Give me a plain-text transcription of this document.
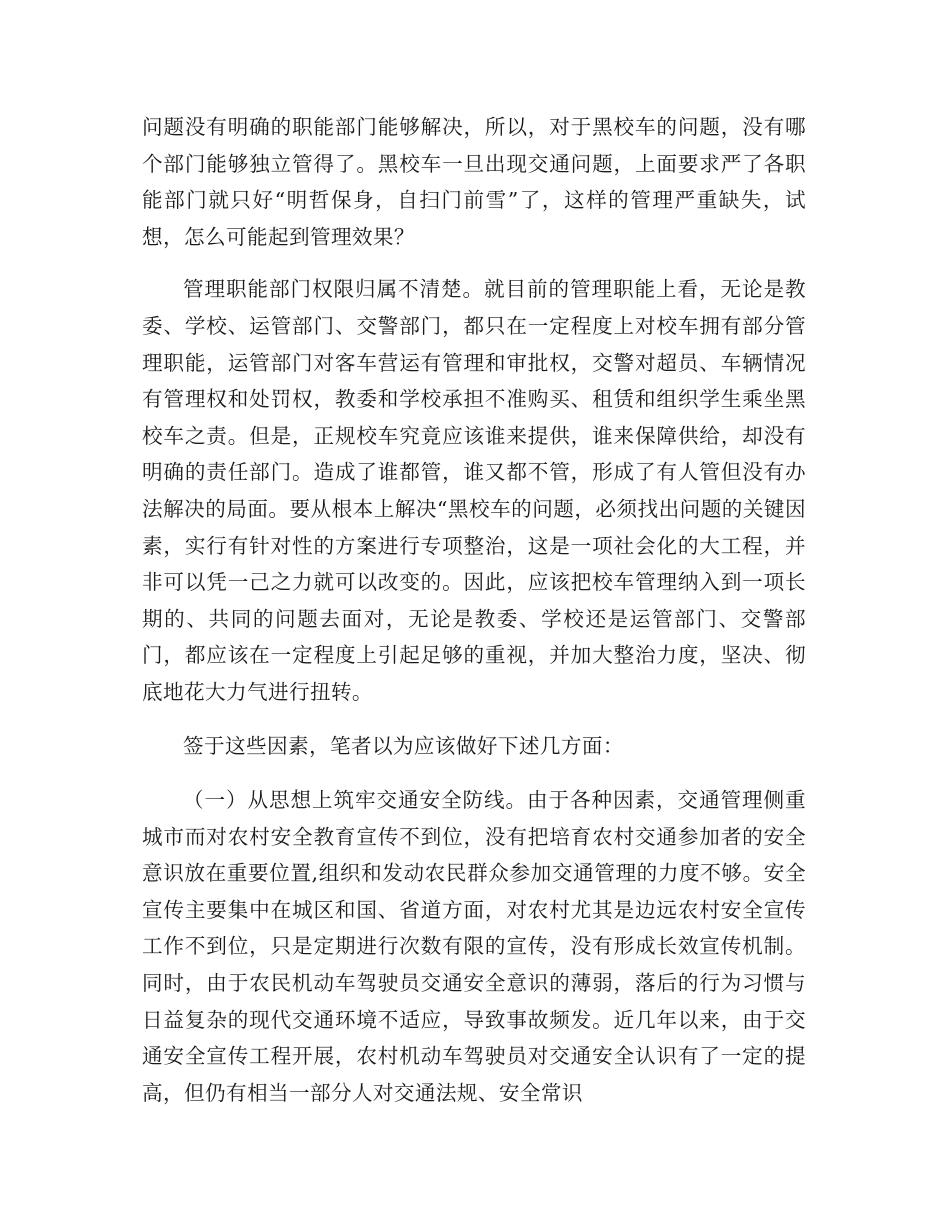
问题没有明确的职能部门能够解决，所以，对于黑校车的问题，没有哪个部门能够独立管得了。黑校车一旦出现交通问题，上面要求严了各职能部门就只好“明哲保身，自扫门前雪”了，这样的管理严重缺失，试想，怎么可能起到管理效果？

管理职能部门权限归属不清楚。就目前的管理职能上看，无论是教委、学校、运管部门、交警部门，都只在一定程度上对校车拥有部分管理职能，运管部门对客车营运有管理和审批权，交警对超员、车辆情况有管理权和处罚权，教委和学校承担不准购买、租赁和组织学生乘坐黑校车之责。但是，正规校车究竟应该谁来提供，谁来保障供给，却没有明确的责任部门。造成了谁都管，谁又都不管，形成了有人管但没有办法解决的局面。要从根本上解决“黑校车的问题，必须找出问题的关键因素，实行有针对性的方案进行专项整治，这是一项社会化的大工程，并非可以凭一己之力就可以改变的。因此，应该把校车管理纳入到一项长期的、共同的问题去面对，无论是教委、学校还是运管部门、交警部门，都应该在一定程度上引起足够的重视，并加大整治力度，坚决、彻底地花大力气进行扭转。

签于这些因素，笔者以为应该做好下述几方面：

（一）从思想上筑牢交通安全防线。由于各种因素，交通管理侧重城市而对农村安全教育宣传不到位，没有把培育农村交通参加者的安全意识放在重要位置,组织和发动农民群众参加交通管理的力度不够。安全宣传主要集中在城区和国、省道方面，对农村尤其是边远农村安全宣传工作不到位，只是定期进行次数有限的宣传，没有形成长效宣传机制。同时，由于农民机动车驾驶员交通安全意识的薄弱，落后的行为习惯与日益复杂的现代交通环境不适应，导致事故频发。近几年以来，由于交通安全宣传工程开展，农村机动车驾驶员对交通安全认识有了一定的提高，但仍有相当一部分人对交通法规、安全常识
